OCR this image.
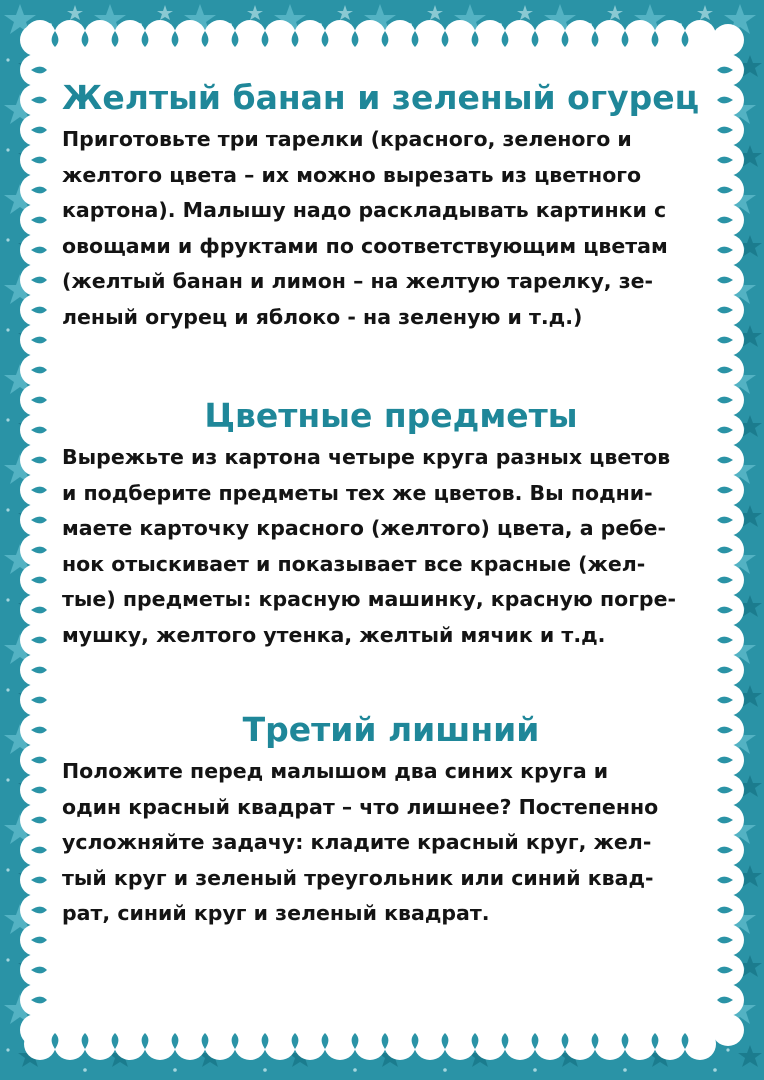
Желтый банан и зеленый огурец
Приготовьте три тарелки (красного, зеленого и
желтого цвета – их можно вырезать из цветного
картона). Малышу надо раскладывать картинки с
овощами и фруктами по соответствующим цветам
(желтый банан и лимон – на желтую тарелку, зе-
леный огурец и яблоко - на зеленую и т.д.)
Цветные предметы
Вырежьте из картона четыре круга разных цветов
и подберите предметы тех же цветов. Вы подни-
маете карточку красного (желтого) цвета, а ребе-
нок отыскивает и показывает все красные (жел-
тые) предметы: красную машинку, красную погре-
мушку, желтого утенка, желтый мячик и т.д.
Третий лишний
Положите перед малышом два синих круга и
один красный квадрат – что лишнее? Постепенно
усложняйте задачу: кладите красный круг, жел-
тый круг и зеленый треугольник или синий квад-
рат, синий круг и зеленый квадрат.
